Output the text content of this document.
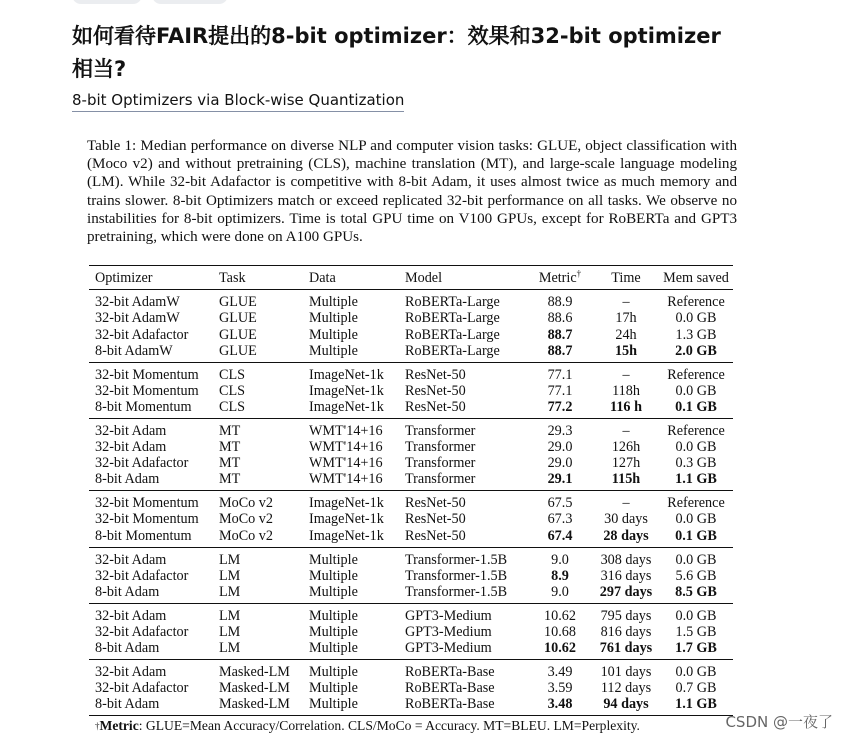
如何看待FAIR提出的8-bit optimizer：效果和32-bit optimizer相当?
8-bit Optimizers via Block-wise Quantization

Table 1: Median performance on diverse NLP and computer vision tasks: GLUE, object classification with (Moco v2) and without pretraining (CLS), machine translation (MT), and large-scale language modeling (LM). While 32-bit Adafactor is competitive with 8-bit Adam, it uses almost twice as much memory and trains slower. 8-bit Optimizers match or exceed replicated 32-bit performance on all tasks. We observe no instabilities for 8-bit optimizers. Time is total GPU time on V100 GPUs, except for RoBERTa and GPT3 pretraining, which were done on A100 GPUs.

Optimizer	Task	Data	Model	Metric†	Time	Mem saved
32-bit AdamW	GLUE	Multiple	RoBERTa-Large	88.9	–	Reference
32-bit AdamW	GLUE	Multiple	RoBERTa-Large	88.6	17h	0.0 GB
32-bit Adafactor	GLUE	Multiple	RoBERTa-Large	88.7	24h	1.3 GB
8-bit AdamW	GLUE	Multiple	RoBERTa-Large	88.7	15h	2.0 GB
32-bit Momentum	CLS	ImageNet-1k	ResNet-50	77.1	–	Reference
32-bit Momentum	CLS	ImageNet-1k	ResNet-50	77.1	118h	0.0 GB
8-bit Momentum	CLS	ImageNet-1k	ResNet-50	77.2	116 h	0.1 GB
32-bit Adam	MT	WMT'14+16	Transformer	29.3	–	Reference
32-bit Adam	MT	WMT'14+16	Transformer	29.0	126h	0.0 GB
32-bit Adafactor	MT	WMT'14+16	Transformer	29.0	127h	0.3 GB
8-bit Adam	MT	WMT'14+16	Transformer	29.1	115h	1.1 GB
32-bit Momentum	MoCo v2	ImageNet-1k	ResNet-50	67.5	–	Reference
32-bit Momentum	MoCo v2	ImageNet-1k	ResNet-50	67.3	30 days	0.0 GB
8-bit Momentum	MoCo v2	ImageNet-1k	ResNet-50	67.4	28 days	0.1 GB
32-bit Adam	LM	Multiple	Transformer-1.5B	9.0	308 days	0.0 GB
32-bit Adafactor	LM	Multiple	Transformer-1.5B	8.9	316 days	5.6 GB
8-bit Adam	LM	Multiple	Transformer-1.5B	9.0	297 days	8.5 GB
32-bit Adam	LM	Multiple	GPT3-Medium	10.62	795 days	0.0 GB
32-bit Adafactor	LM	Multiple	GPT3-Medium	10.68	816 days	1.5 GB
8-bit Adam	LM	Multiple	GPT3-Medium	10.62	761 days	1.7 GB
32-bit Adam	Masked-LM	Multiple	RoBERTa-Base	3.49	101 days	0.0 GB
32-bit Adafactor	Masked-LM	Multiple	RoBERTa-Base	3.59	112 days	0.7 GB
8-bit Adam	Masked-LM	Multiple	RoBERTa-Base	3.48	94 days	1.1 GB

†Metric: GLUE=Mean Accuracy/Correlation. CLS/MoCo = Accuracy. MT=BLEU. LM=Perplexity.	CSDN @一夜了
